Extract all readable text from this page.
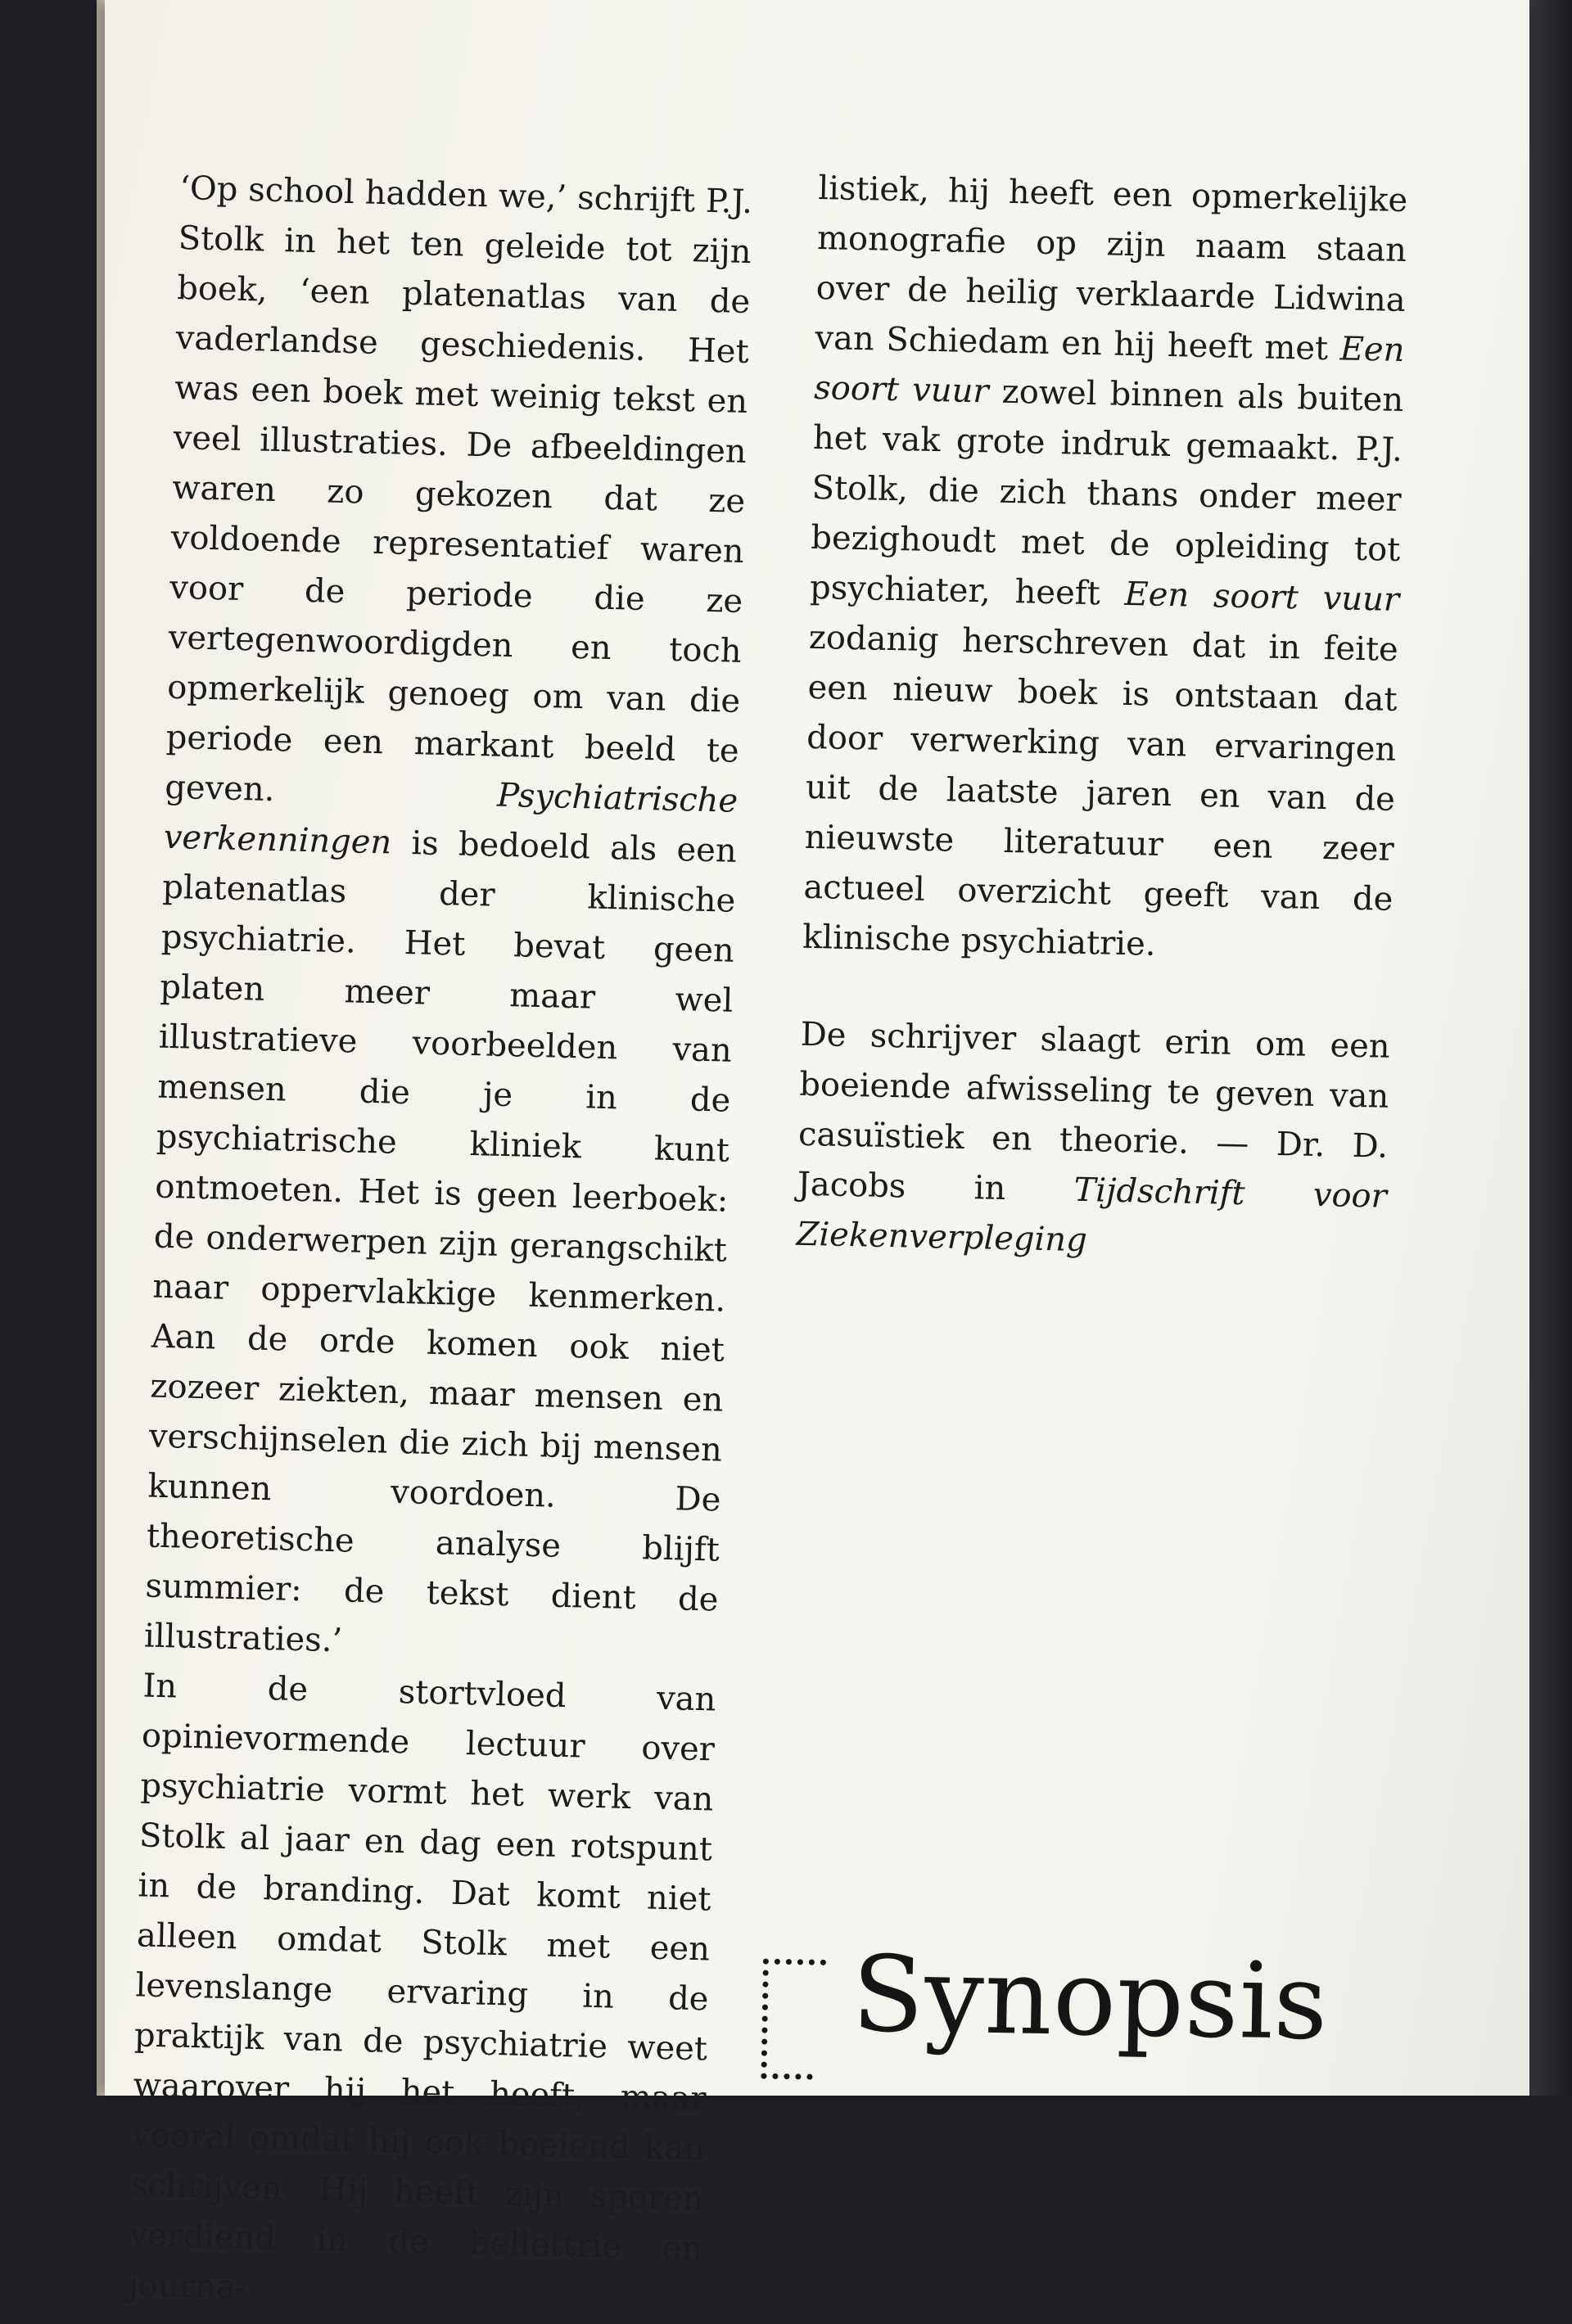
‘Op school hadden we,’ schrijft P.J. Stolk in het ten geleide tot zijn boek, ‘een platenatlas van de vaderlandse geschiedenis. Het was een boek met weinig tekst en veel illustraties. De afbeeldingen waren zo gekozen dat ze voldoende representatief waren voor de periode die ze vertegenwoordigden en toch opmerkelijk genoeg om van die periode een markant beeld te geven. Psychiatrische verkenningen is bedoeld als een platenatlas der klinische psychiatrie. Het bevat geen platen meer maar wel illustratieve voorbeelden van mensen die je in de psychiatrische kliniek kunt ontmoeten. Het is geen leerboek: de onderwerpen zijn gerangschikt naar oppervlakkige kenmerken. Aan de orde komen ook niet zozeer ziekten, maar mensen en verschijnselen die zich bij mensen kunnen voordoen. De theoretische analyse blijft summier: de tekst dient de illustraties.’

In de stortvloed van opinievormende lectuur over psychiatrie vormt het werk van Stolk al jaar en dag een rotspunt in de branding. Dat komt niet alleen omdat Stolk met een levenslange ervaring in de praktijk van de psychiatrie weet waarover hij het heeft, maar vooral omdat hij ook boeiend kan schrijven. Hij heeft zijn sporen verdiend in de bellettrie en journa-

listiek, hij heeft een opmerkelijke monografie op zijn naam staan over de heilig verklaarde Lidwina van Schiedam en hij heeft met Een soort vuur zowel binnen als buiten het vak grote indruk gemaakt. P.J. Stolk, die zich thans onder meer bezighoudt met de opleiding tot psychiater, heeft Een soort vuur zodanig herschreven dat in feite een nieuw boek is ontstaan dat door verwerking van ervaringen uit de laatste jaren en van de nieuwste literatuur een zeer actueel overzicht geeft van de klinische psychiatrie.

De schrijver slaagt erin om een boeiende afwisseling te geven van casuïstiek en theorie. — Dr. D. Jacobs in Tijdschrift voor Ziekenverpleging

Synopsis
